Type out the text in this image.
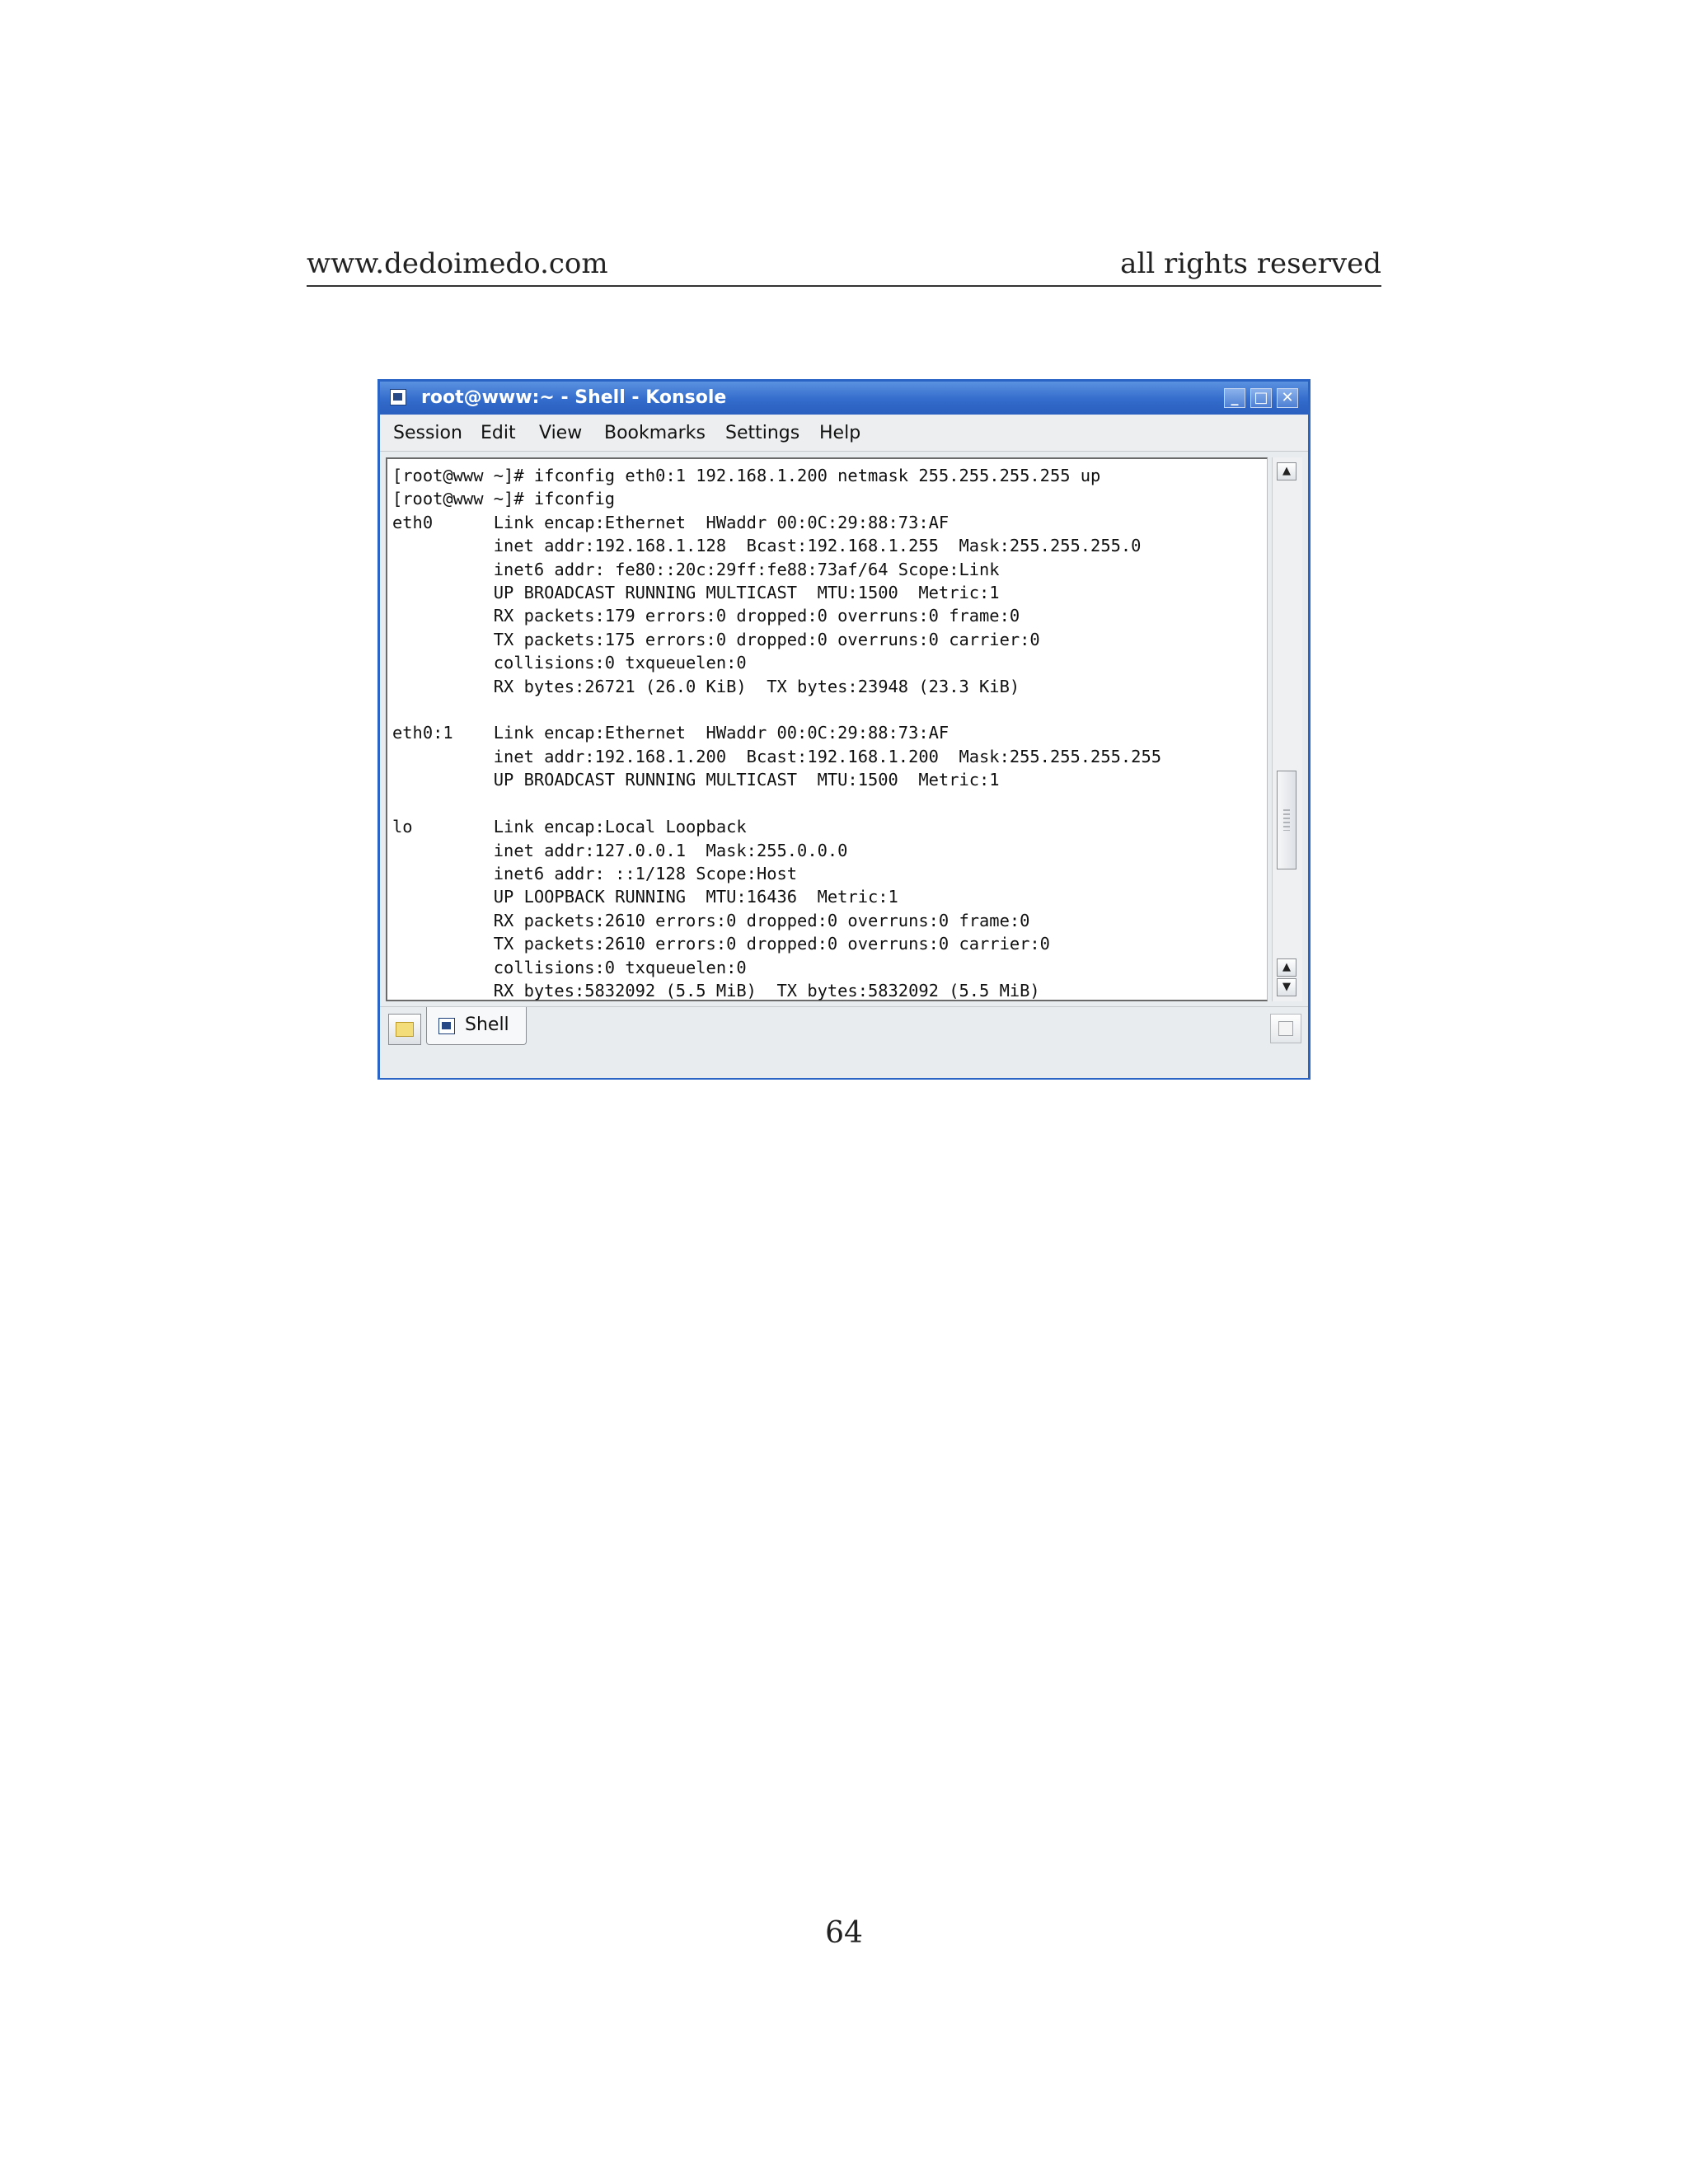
www.dedoimedo.com	all rights reserved
root@www:~ - Shell - Konsole	_	□ ✕
Session Edit View Bookmarks Settings Help
[root@www ~]# ifconfig eth0:1 192.168.1.200 netmask 255.255.255.255 up
[root@www ~]# ifconfig
eth0      Link encap:Ethernet  HWaddr 00:0C:29:88:73:AF
inet addr:192.168.1.128  Bcast:192.168.1.255  Mask:255.255.255.0
inet6 addr: fe80::20c:29ff:fe88:73af/64 Scope:Link
UP BROADCAST RUNNING MULTICAST  MTU:1500  Metric:1
RX packets:179 errors:0 dropped:0 overruns:0 frame:0
TX packets:175 errors:0 dropped:0 overruns:0 carrier:0
collisions:0 txqueuelen:0
RX bytes:26721 (26.0 KiB)  TX bytes:23948 (23.3 KiB)

eth0:1    Link encap:Ethernet  HWaddr 00:0C:29:88:73:AF
inet addr:192.168.1.200  Bcast:192.168.1.200  Mask:255.255.255.255
UP BROADCAST RUNNING MULTICAST  MTU:1500  Metric:1

lo        Link encap:Local Loopback
inet addr:127.0.0.1  Mask:255.0.0.0
inet6 addr: ::1/128 Scope:Host
UP LOOPBACK RUNNING  MTU:16436  Metric:1
RX packets:2610 errors:0 dropped:0 overruns:0 frame:0
TX packets:2610 errors:0 dropped:0 overruns:0 carrier:0
collisions:0 txqueuelen:0
RX bytes:5832092 (5.5 MiB)  TX bytes:5832092 (5.5 MiB)
▲
▲
▼
Shell
64
